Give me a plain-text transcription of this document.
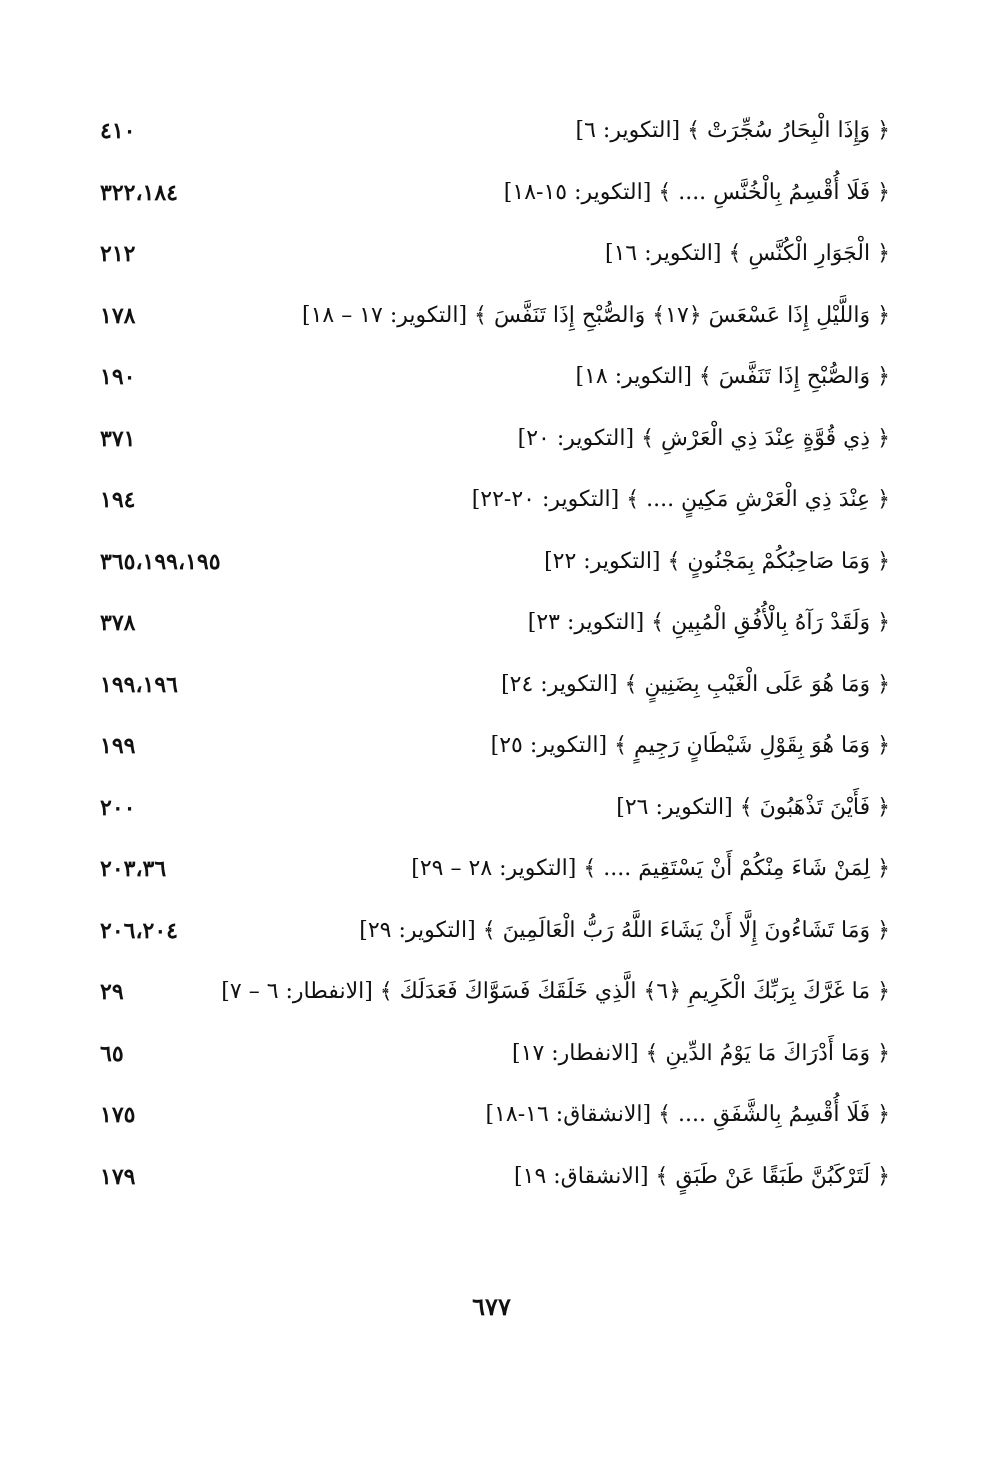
﴿ وَإِذَا الْبِحَارُ سُجِّرَتْ ﴾ [التكوير: ٦]
٤١٠
﴿ فَلَا أُقْسِمُ بِالْخُنَّسِ .... ﴾ [التكوير: ١٥-١٨]
٣٢٢،١٨٤
﴿ الْجَوَارِ الْكُنَّسِ ﴾ [التكوير: ١٦]
٢١٢
﴿ وَاللَّيْلِ إِذَا عَسْعَسَ ﴿١٧﴾ وَالصُّبْحِ إِذَا تَنَفَّسَ ﴾ [التكوير: ١٧ – ١٨]
١٧٨
﴿ وَالصُّبْحِ إِذَا تَنَفَّسَ ﴾ [التكوير: ١٨]
١٩٠
﴿ ذِي قُوَّةٍ عِنْدَ ذِي الْعَرْشِ ﴾ [التكوير: ٢٠]
٣٧١
﴿ عِنْدَ ذِي الْعَرْشِ مَكِينٍ .... ﴾ [التكوير: ٢٠-٢٢]
١٩٤
﴿ وَمَا صَاحِبُكُمْ بِمَجْنُونٍ ﴾ [التكوير: ٢٢]
٣٦٥،١٩٩،١٩٥
﴿ وَلَقَدْ رَآهُ بِالْأُفُقِ الْمُبِينِ ﴾ [التكوير: ٢٣]
٣٧٨
﴿ وَمَا هُوَ عَلَى الْغَيْبِ بِضَنِينٍ ﴾ [التكوير: ٢٤]
١٩٩،١٩٦
﴿ وَمَا هُوَ بِقَوْلِ شَيْطَانٍ رَجِيمٍ ﴾ [التكوير: ٢٥]
١٩٩
﴿ فَأَيْنَ تَذْهَبُونَ ﴾ [التكوير: ٢٦]
٢٠٠
﴿ لِمَنْ شَاءَ مِنْكُمْ أَنْ يَسْتَقِيمَ .... ﴾ [التكوير: ٢٨ – ٢٩]
٢٠٣،٣٦
﴿ وَمَا تَشَاءُونَ إِلَّا أَنْ يَشَاءَ اللَّهُ رَبُّ الْعَالَمِينَ ﴾ [التكوير: ٢٩]
٢٠٦،٢٠٤
﴿ مَا غَرَّكَ بِرَبِّكَ الْكَرِيمِ ﴿٦﴾ الَّذِي خَلَقَكَ فَسَوَّاكَ فَعَدَلَكَ ﴾ [الانفطار: ٦ – ٧]
٢٩
﴿ وَمَا أَدْرَاكَ مَا يَوْمُ الدِّينِ ﴾ [الانفطار: ١٧]
٦٥
﴿ فَلَا أُقْسِمُ بِالشَّفَقِ .... ﴾ [الانشقاق: ١٦-١٨]
١٧٥
﴿ لَتَرْكَبُنَّ طَبَقًا عَنْ طَبَقٍ ﴾ [الانشقاق: ١٩]
١٧٩
٦٧٧
